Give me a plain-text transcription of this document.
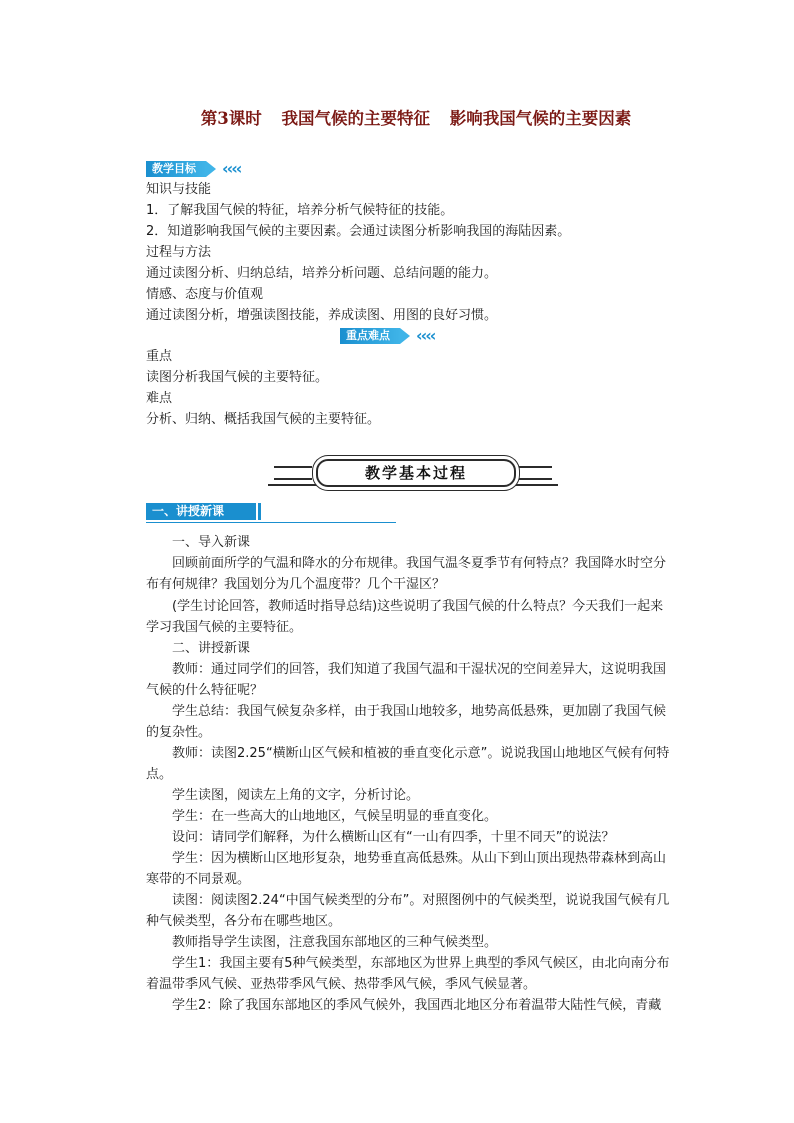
第3课时 我国气候的主要特征 影响我国气候的主要因素
教学目标	‹‹‹‹
知识与技能
1．了解我国气候的特征，培养分析气候特征的技能。
2．知道影响我国气候的主要因素。会通过读图分析影响我国的海陆因素。
过程与方法
通过读图分析、归纳总结，培养分析问题、总结问题的能力。
情感、态度与价值观
通过读图分析，增强读图技能，养成读图、用图的良好习惯。
重点难点	‹‹‹‹
重点
读图分析我国气候的主要特征。
难点
分析、归纳、概括我国气候的主要特征。
教学基本过程
一、讲授新课
一、导入新课
回顾前面所学的气温和降水的分布规律。我国气温冬夏季节有何特点？我国降水时空分布有何规律？我国划分为几个温度带？几个干湿区？
(学生讨论回答，教师适时指导总结)这些说明了我国气候的什么特点？今天我们一起来学习我国气候的主要特征。
二、讲授新课
教师：通过同学们的回答，我们知道了我国气温和干湿状况的空间差异大，这说明我国气候的什么特征呢？
学生总结：我国气候复杂多样，由于我国山地较多，地势高低悬殊，更加剧了我国气候的复杂性。
教师：读图2.25“横断山区气候和植被的垂直变化示意”。说说我国山地地区气候有何特点。
学生读图，阅读左上角的文字，分析讨论。
学生：在一些高大的山地地区，气候呈明显的垂直变化。
设问：请同学们解释，为什么横断山区有“一山有四季，十里不同天”的说法？
学生：因为横断山区地形复杂，地势垂直高低悬殊。从山下到山顶出现热带森林到高山寒带的不同景观。
读图：阅读图2.24“中国气候类型的分布”。对照图例中的气候类型，说说我国气候有几种气候类型，各分布在哪些地区。
教师指导学生读图，注意我国东部地区的三种气候类型。
学生1：我国主要有5种气候类型，东部地区为世界上典型的季风气候区，由北向南分布着温带季风气候、亚热带季风气候、热带季风气候，季风气候显著。
学生2：除了我国东部地区的季风气候外，我国西北地区分布着温带大陆性气候，青藏
